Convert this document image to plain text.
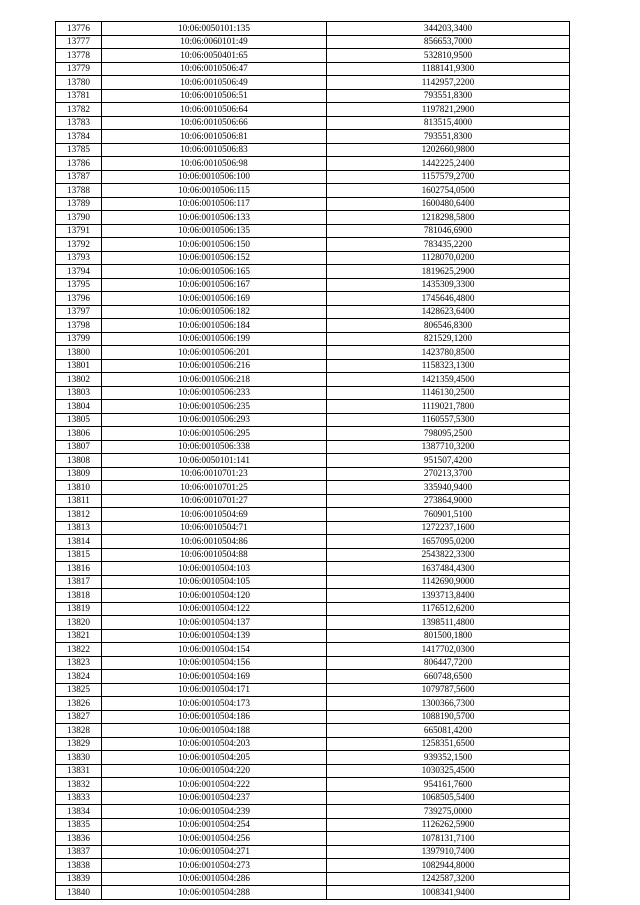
13776	10:06:0050101:135	344203,3400
13777	10:06:0060101:49	856653,7000
13778	10:06:0050401:65	532810,9500
13779	10:06:0010506:47	1188141,9300
13780	10:06:0010506:49	1142957,2200
13781	10:06:0010506:51	793551,8300
13782	10:06:0010506:64	1197821,2900
13783	10:06:0010506:66	813515,4000
13784	10:06:0010506:81	793551,8300
13785	10:06:0010506:83	1202660,9800
13786	10:06:0010506:98	1442225,2400
13787	10:06:0010506:100	1157579,2700
13788	10:06:0010506:115	1602754,0500
13789	10:06:0010506:117	1600480,6400
13790	10:06:0010506:133	1218298,5800
13791	10:06:0010506:135	781046,6900
13792	10:06:0010506:150	783435,2200
13793	10:06:0010506:152	1128070,0200
13794	10:06:0010506:165	1819625,2900
13795	10:06:0010506:167	1435309,3300
13796	10:06:0010506:169	1745646,4800
13797	10:06:0010506:182	1428623,6400
13798	10:06:0010506:184	806546,8300
13799	10:06:0010506:199	821529,1200
13800	10:06:0010506:201	1423780,8500
13801	10:06:0010506:216	1158323,1300
13802	10:06:0010506:218	1421359,4500
13803	10:06:0010506:233	1146130,2500
13804	10:06:0010506:235	1119021,7800
13805	10:06:0010506:293	1160557,5300
13806	10:06:0010506:295	798095,2500
13807	10:06:0010506:338	1387710,3200
13808	10:06:0050101:141	951507,4200
13809	10:06:0010701:23	270213,3700
13810	10:06:0010701:25	335940,9400
13811	10:06:0010701:27	273864,9000
13812	10:06:0010504:69	760901,5100
13813	10:06:0010504:71	1272237,1600
13814	10:06:0010504:86	1657095,0200
13815	10:06:0010504:88	2543822,3300
13816	10:06:0010504:103	1637484,4300
13817	10:06:0010504:105	1142690,9000
13818	10:06:0010504:120	1393713,8400
13819	10:06:0010504:122	1176512,6200
13820	10:06:0010504:137	1398511,4800
13821	10:06:0010504:139	801500,1800
13822	10:06:0010504:154	1417702,0300
13823	10:06:0010504:156	806447,7200
13824	10:06:0010504:169	660748,6500
13825	10:06:0010504:171	1079787,5600
13826	10:06:0010504:173	1300366,7300
13827	10:06:0010504:186	1088190,5700
13828	10:06:0010504:188	665081,4200
13829	10:06:0010504:203	1258351,6500
13830	10:06:0010504:205	939352,1500
13831	10:06:0010504:220	1030325,4500
13832	10:06:0010504:222	954161,7600
13833	10:06:0010504:237	1068505,5400
13834	10:06:0010504:239	739275,0000
13835	10:06:0010504:254	1126262,5900
13836	10:06:0010504:256	1078131,7100
13837	10:06:0010504:271	1397910,7400
13838	10:06:0010504:273	1082944,8000
13839	10:06:0010504:286	1242587,3200
13840	10:06:0010504:288	1008341,9400
